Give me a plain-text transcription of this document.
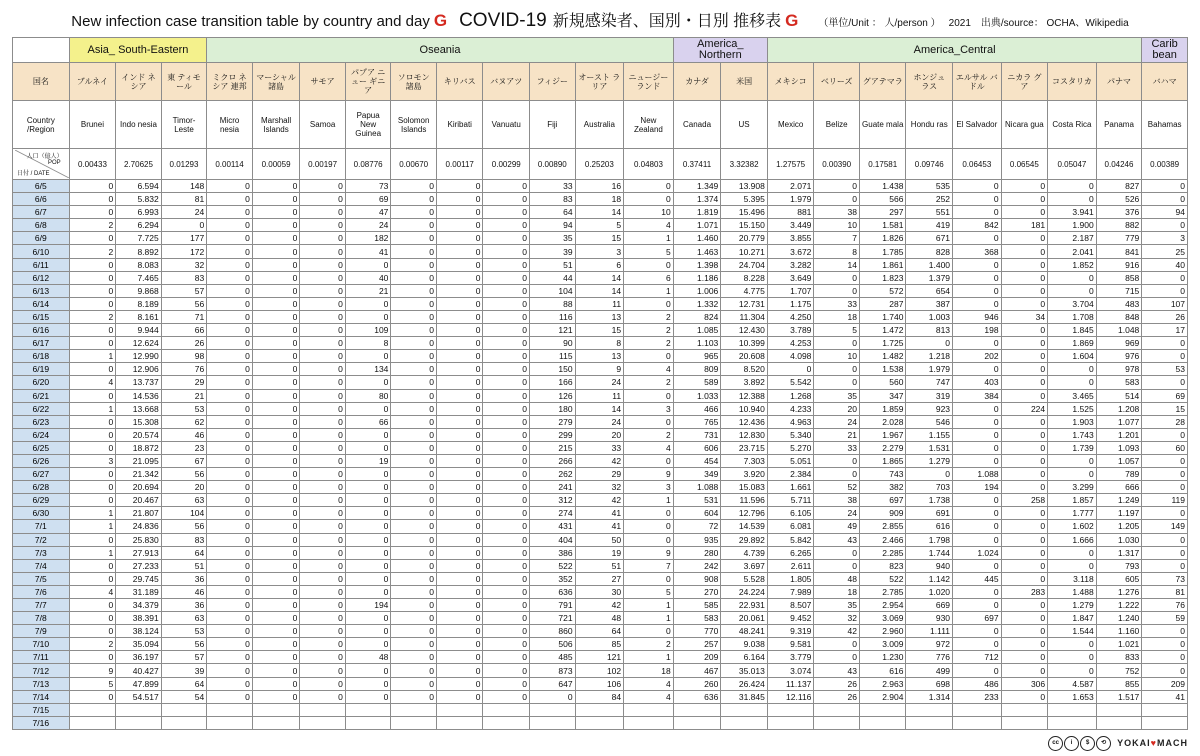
New infection case transition table by country and day G COVID-19 新規感染者、国別・日別 推移表 G （単位/Unit ： 人/person ） 2021 出典/source： OCHA、Wikipedia
	Asia_ South-Eastern			Oseania										America_ Northern		America_Central								Carib bean
国名	ブルネイ	インド ネシア	東 ティモール	ミクロ ネシア 連邦	マーシャル 諸島	サモア	パプア ニュー ギニア	ソロモン 諸島	キリバス	バヌアツ	フィジー	オースト ラリア	ニュージー ランド	カナダ	米国	メキシコ	ベリーズ	グアテマラ	ホンジュ ラス	エルサル バドル	ニカラ グア	コスタリカ	パナマ	バハマ
Country /Region	Brunei	Indo nesia	Timor- Leste	Micro nesia	Marshall Islands	Samoa	Papua New Guinea	Solomon Islands	Kiribati	Vanuatu	Fiji	Australia	New Zealand	Canada	US	Mexico	Belize	Guate mala	Hondu ras	El Salvador	Nicara gua	Costa Rica	Panama	Bahamas

人口（億人）
POP
日付 / DATE	0.00433	2.70625	0.01293	0.00114	0.00059	0.00197	0.08776	0.00670	0.00117	0.00299	0.00890	0.25203	0.04803	0.37411	3.32382	1.27575	0.00390	0.17581	0.09746	0.06453	0.06545	0.05047	0.04246	0.00389
6/5	0	6.594	148	0	0	0	73	0	0	0	33	16	0	1.349	13.908	2.071	0	1.438	535	0	0	0	827	0
6/6	0	5.832	81	0	0	0	69	0	0	0	83	18	0	1.374	5.395	1.979	0	566	252	0	0	0	526	0
6/7	0	6.993	24	0	0	0	47	0	0	0	64	14	10	1.819	15.496	881	38	297	551	0	0	3.941	376	94
6/8	2	6.294	0	0	0	0	24	0	0	0	94	5	4	1.071	15.150	3.449	10	1.581	419	842	181	1.900	882	0
6/9	0	7.725	177	0	0	0	182	0	0	0	35	15	1	1.460	20.779	3.855	7	1.826	671	0	0	2.187	779	3
6/10	2	8.892	172	0	0	0	41	0	0	0	39	3	5	1.463	10.271	3.672	8	1.785	828	368	0	2.041	841	25
6/11	0	8.083	32	0	0	0	0	0	0	0	51	6	0	1.398	24.704	3.282	14	1.861	1.400	0	0	1.852	916	40
6/12	0	7.465	83	0	0	0	40	0	0	0	44	14	6	1.186	8.228	3.649	0	1.823	1.379	0	0	0	858	0
6/13	0	9.868	57	0	0	0	21	0	0	0	104	14	1	1.006	4.775	1.707	0	572	654	0	0	0	715	0
6/14	0	8.189	56	0	0	0	0	0	0	0	88	11	0	1.332	12.731	1.175	33	287	387	0	0	3.704	483	107
6/15	2	8.161	71	0	0	0	0	0	0	0	116	13	2	824	11.304	4.250	18	1.740	1.003	946	34	1.708	848	26
6/16	0	9.944	66	0	0	0	109	0	0	0	121	15	2	1.085	12.430	3.789	5	1.472	813	198	0	1.845	1.048	17
6/17	0	12.624	26	0	0	0	8	0	0	0	90	8	2	1.103	10.399	4.253	0	1.725	0	0	0	1.869	969	0
6/18	1	12.990	98	0	0	0	0	0	0	0	115	13	0	965	20.608	4.098	10	1.482	1.218	202	0	1.604	976	0
6/19	0	12.906	76	0	0	0	134	0	0	0	150	9	4	809	8.520	0	0	1.538	1.979	0	0	0	978	53
6/20	4	13.737	29	0	0	0	0	0	0	0	166	24	2	589	3.892	5.542	0	560	747	403	0	0	583	0
6/21	0	14.536	21	0	0	0	80	0	0	0	126	11	0	1.033	12.388	1.268	35	347	319	384	0	3.465	514	69
6/22	1	13.668	53	0	0	0	0	0	0	0	180	14	3	466	10.940	4.233	20	1.859	923	0	224	1.525	1.208	15
6/23	0	15.308	62	0	0	0	66	0	0	0	279	24	0	765	12.436	4.963	24	2.028	546	0	0	1.903	1.077	28
6/24	0	20.574	46	0	0	0	0	0	0	0	299	20	2	731	12.830	5.340	21	1.967	1.155	0	0	1.743	1.201	0
6/25	0	18.872	23	0	0	0	0	0	0	0	215	33	4	606	23.715	5.270	33	2.279	1.531	0	0	1.739	1.093	60
6/26	3	21.095	67	0	0	0	19	0	0	0	266	42	0	454	7.303	5.051	0	1.865	1.279	0	0	0	1.057	0
6/27	0	21.342	56	0	0	0	0	0	0	0	262	29	9	349	3.920	2.384	0	743	0	1.088	0	0	789	0
6/28	0	20.694	20	0	0	0	0	0	0	0	241	32	3	1.088	15.083	1.661	52	382	703	194	0	3.299	666	0
6/29	0	20.467	63	0	0	0	0	0	0	0	312	42	1	531	11.596	5.711	38	697	1.738	0	258	1.857	1.249	119
6/30	1	21.807	104	0	0	0	0	0	0	0	274	41	0	604	12.796	6.105	24	909	691	0	0	1.777	1.197	0
7/1	1	24.836	56	0	0	0	0	0	0	0	431	41	0	72	14.539	6.081	49	2.855	616	0	0	1.602	1.205	149
7/2	0	25.830	83	0	0	0	0	0	0	0	404	50	0	935	29.892	5.842	43	2.466	1.798	0	0	1.666	1.030	0
7/3	1	27.913	64	0	0	0	0	0	0	0	386	19	9	280	4.739	6.265	0	2.285	1.744	1.024	0	0	1.317	0
7/4	0	27.233	51	0	0	0	0	0	0	0	522	51	7	242	3.697	2.611	0	823	940	0	0	0	793	0
7/5	0	29.745	36	0	0	0	0	0	0	0	352	27	0	908	5.528	1.805	48	522	1.142	445	0	3.118	605	73
7/6	4	31.189	46	0	0	0	0	0	0	0	636	30	5	270	24.224	7.989	18	2.785	1.020	0	283	1.488	1.276	81
7/7	0	34.379	36	0	0	0	194	0	0	0	791	42	1	585	22.931	8.507	35	2.954	669	0	0	1.279	1.222	76
7/8	0	38.391	63	0	0	0	0	0	0	0	721	48	1	583	20.061	9.452	32	3.069	930	697	0	1.847	1.240	59
7/9	0	38.124	53	0	0	0	0	0	0	0	860	64	0	770	48.241	9.319	42	2.960	1.111	0	0	1.544	1.160	0
7/10	2	35.094	56	0	0	0	0	0	0	0	506	85	2	257	9.038	9.581	0	3.009	972	0	0	0	1.021	0
7/11	0	36.197	57	0	0	0	48	0	0	0	485	121	1	209	6.164	3.779	0	1.230	776	712	0	0	833	0
7/12	9	40.427	39	0	0	0	0	0	0	0	873	102	18	467	35.013	3.074	43	616	499	0	0	0	752	0
7/13	5	47.899	64	0	0	0	0	0	0	0	647	106	4	260	26.424	11.137	26	2.963	698	486	306	4.587	855	209
7/14	0	54.517	54	0	0	0	0	0	0	0	0	84	4	636	31.845	12.116	26	2.904	1.314	233	0	1.653	1.517	41
7/15																								
7/16																								
cc	i	$	⟲	YOKAI♥MACH
